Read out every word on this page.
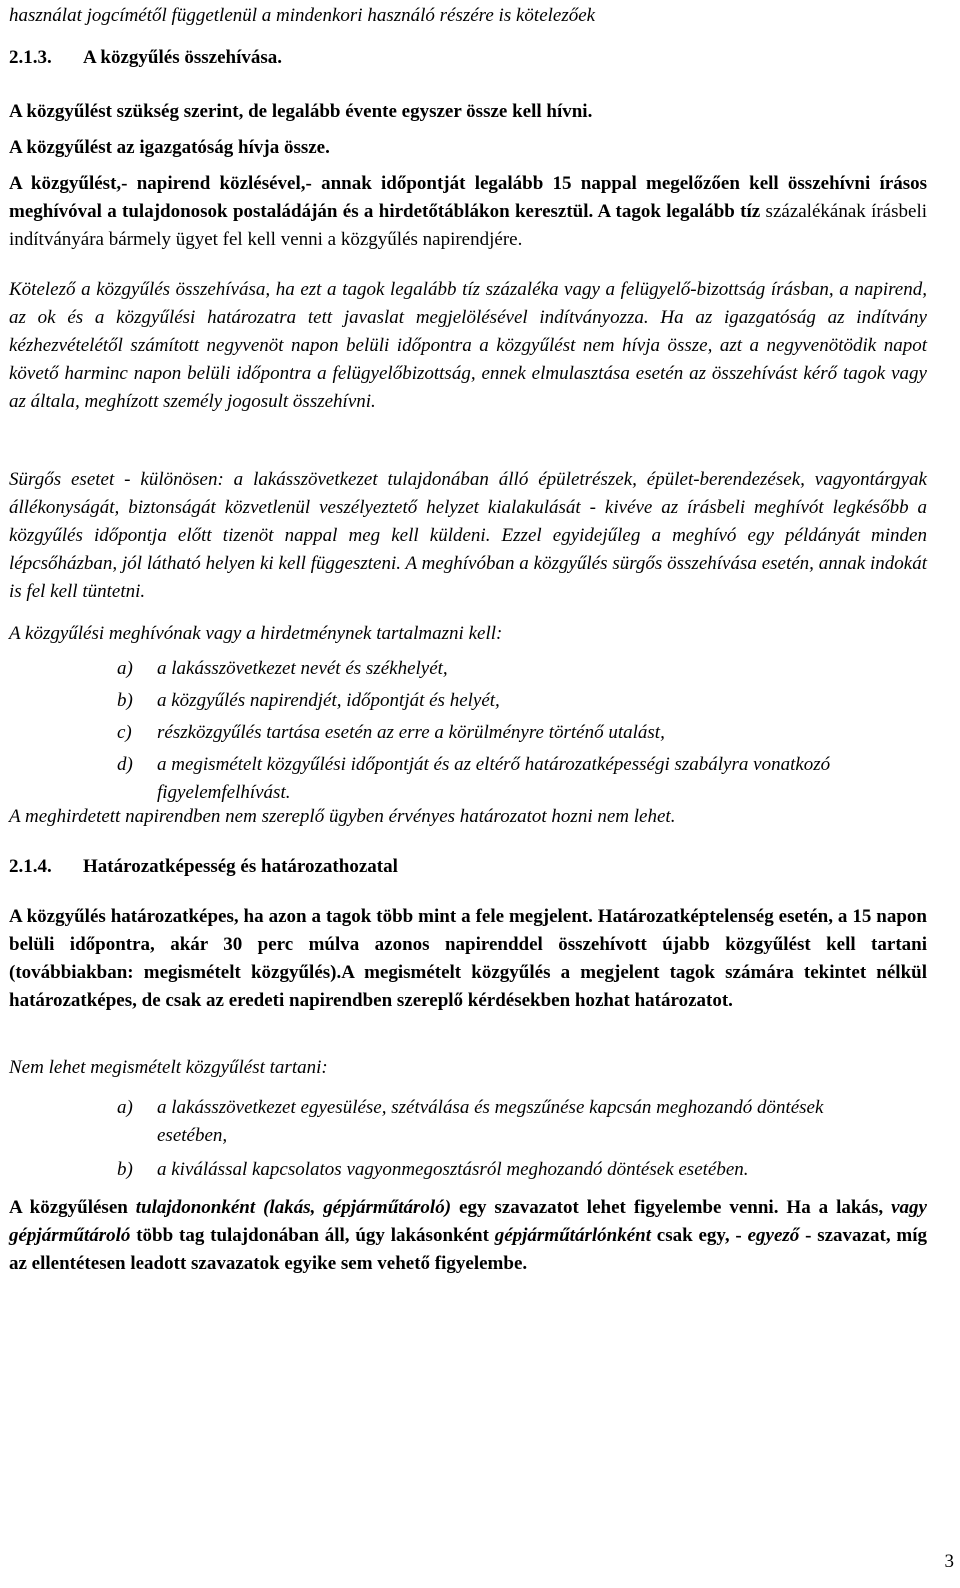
használat jogcímétől függetlenül a mindenkori használó részére is kötelezőek

2.1.3.	A közgyűlés összehívása.

A közgyűlést szükség szerint, de legalább évente egyszer össze kell hívni.

A közgyűlést az igazgatóság hívja össze.

A közgyűlést,- napirend közlésével,- annak időpontját legalább 15 nappal megelőzően kell összehívni írásos meghívóval a tulajdonosok postaládáján és a hirdetőtáblákon keresztül. A tagok legalább tíz százalékának írásbeli indítványára bármely ügyet fel kell venni a közgyűlés napirendjére.

Kötelező a közgyűlés összehívása, ha ezt a tagok legalább tíz százaléka vagy a felügyelő-bizottság írásban, a napirend, az ok és a közgyűlési határozatra tett javaslat megjelölésével indítványozza. Ha az igazgatóság az indítvány kézhezvételétől számított negyvenöt napon belüli időpontra a közgyűlést nem hívja össze, azt a negyvenötödik napot követő harminc napon belüli időpontra a felügyelőbizottság, ennek elmulasztása esetén az összehívást kérő tagok vagy az általa, meghízott személy jogosult összehívni.

Sürgős esetet - különösen: a lakásszövetkezet tulajdonában álló épületrészek, épület-berendezések, vagyontárgyak állékonyságát, biztonságát közvetlenül veszélyeztető helyzet kialakulását - kivéve az írásbeli meghívót legkésőbb a közgyűlés időpontja előtt tizenöt nappal meg kell küldeni. Ezzel egyidejűleg a meghívó egy példányát minden lépcsőházban, jól látható helyen ki kell függeszteni. A meghívóban a közgyűlés sürgős összehívása esetén, annak indokát is fel kell tüntetni.

A közgyűlési meghívónak vagy a hirdetménynek tartalmazni kell:

a)	a lakásszövetkezet nevét és székhelyét,
b)	a közgyűlés napirendjét, időpontját és helyét,
c)	részközgyűlés tartása esetén az erre a körülményre történő utalást,
d)	a megismételt közgyűlési időpontját és az eltérő határozatképességi szabályra vonatkozó figyelemfelhívást.

A meghirdetett napirendben nem szereplő ügyben érvényes határozatot hozni nem lehet.

2.1.4.	Határozatképesség és határozathozatal

A közgyűlés határozatképes, ha azon a tagok több mint a fele megjelent. Határozatképtelenség esetén, a 15 napon belüli időpontra, akár 30 perc múlva azonos napirenddel összehívott újabb közgyűlést kell tartani (továbbiakban: megismételt közgyűlés).A megismételt közgyűlés a megjelent tagok számára tekintet nélkül határozatképes, de csak az eredeti napirendben szereplő kérdésekben hozhat határozatot.

Nem lehet megismételt közgyűlést tartani:

a)	a lakásszövetkezet egyesülése, szétválása és megszűnése kapcsán meghozandó döntések esetében,
b)	a kiválással kapcsolatos vagyonmegosztásról meghozandó döntések esetében.

A közgyűlésen tulajdononként (lakás, gépjárműtároló) egy szavazatot lehet figyelembe venni. Ha a lakás, vagy gépjárműtároló több tag tulajdonában áll, úgy lakásonként gépjárműtárlónként csak egy, - egyező - szavazat, míg az ellentétesen leadott szavazatok egyike sem vehető figyelembe.

3
